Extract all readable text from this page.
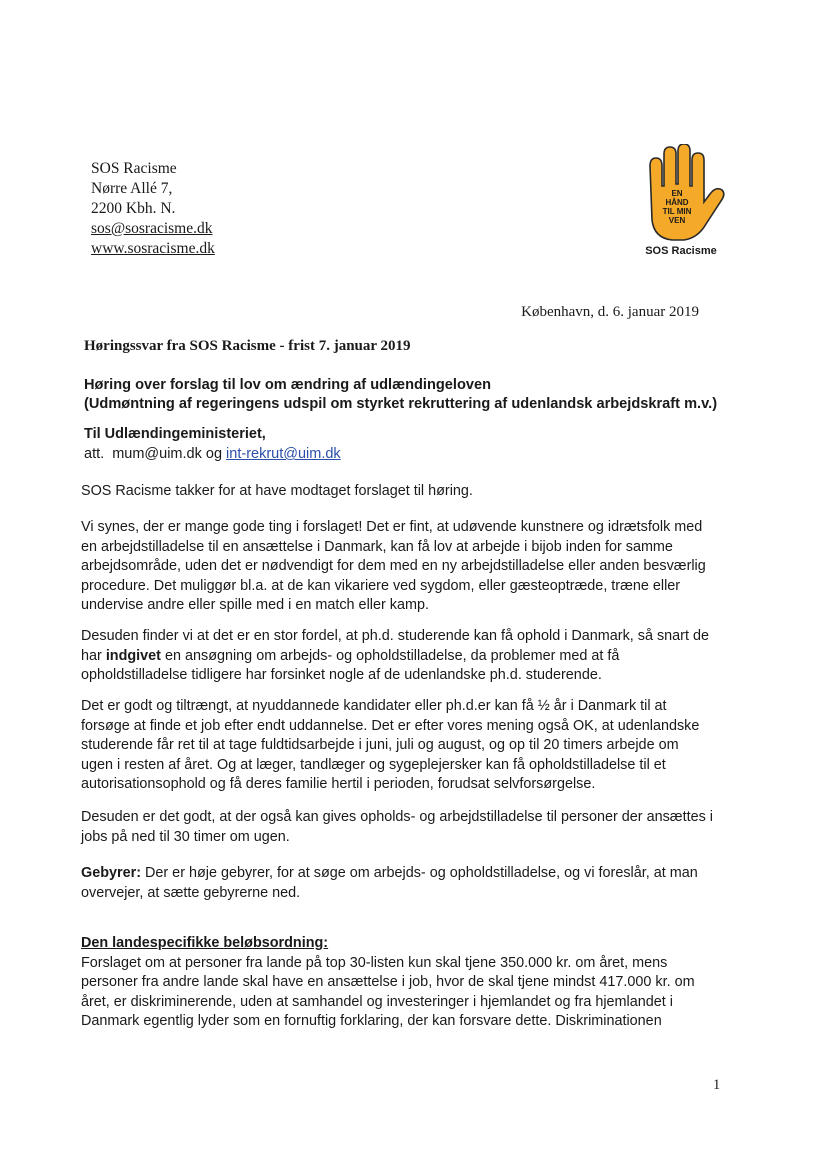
SOS Racisme
Nørre Allé 7,
2200 Kbh. N.
sos@sosracisme.dk
www.sosracisme.dk
EN
HÅND
TIL MIN
VEN
SOS Racisme
København, d. 6. januar 2019
Høringssvar fra SOS Racisme - frist 7. januar 2019
Høring over forslag til lov om ændring af udlændingeloven
(Udmøntning af regeringens udspil om styrket rekruttering af udenlandsk arbejdskraft m.v.)
Til Udlændingeministeriet,
att.  mum@uim.dk og int-rekrut@uim.dk
SOS Racisme takker for at have modtaget forslaget til høring.
Vi synes, der er mange gode ting i forslaget! Det er fint, at udøvende kunstnere og idrætsfolk med
en arbejdstilladelse til en ansættelse i Danmark, kan få lov at arbejde i bijob inden for samme
arbejdsområde, uden det er nødvendigt for dem med en ny arbejdstilladelse eller anden besværlig
procedure. Det muliggør bl.a. at de kan vikariere ved sygdom, eller gæsteoptræde, træne eller
undervise andre eller spille med i en match eller kamp.
Desuden finder vi at det er en stor fordel, at ph.d. studerende kan få ophold i Danmark, så snart de
har indgivet en ansøgning om arbejds- og opholdstilladelse, da problemer med at få
opholdstilladelse tidligere har forsinket nogle af de udenlandske ph.d. studerende.
Det er godt og tiltrængt, at nyuddannede kandidater eller ph.d.er kan få ½ år i Danmark til at
forsøge at finde et job efter endt uddannelse. Det er efter vores mening også OK, at udenlandske
studerende får ret til at tage fuldtidsarbejde i juni, juli og august, og op til 20 timers arbejde om
ugen i resten af året. Og at læger, tandlæger og sygeplejersker kan få opholdstilladelse til et
autorisationsophold og få deres familie hertil i perioden, forudsat selvforsørgelse.
Desuden er det godt, at der også kan gives opholds- og arbejdstilladelse til personer der ansættes i
jobs på ned til 30 timer om ugen.
Gebyrer: Der er høje gebyrer, for at søge om arbejds- og opholdstilladelse, og vi foreslår, at man
overvejer, at sætte gebyrerne ned.
Den landespecifikke beløbsordning:
Forslaget om at personer fra lande på top 30-listen kun skal tjene 350.000 kr. om året, mens
personer fra andre lande skal have en ansættelse i job, hvor de skal tjene mindst 417.000 kr. om
året, er diskriminerende, uden at samhandel og investeringer i hjemlandet og fra hjemlandet i
Danmark egentlig lyder som en fornuftig forklaring, der kan forsvare dette. Diskriminationen
1
